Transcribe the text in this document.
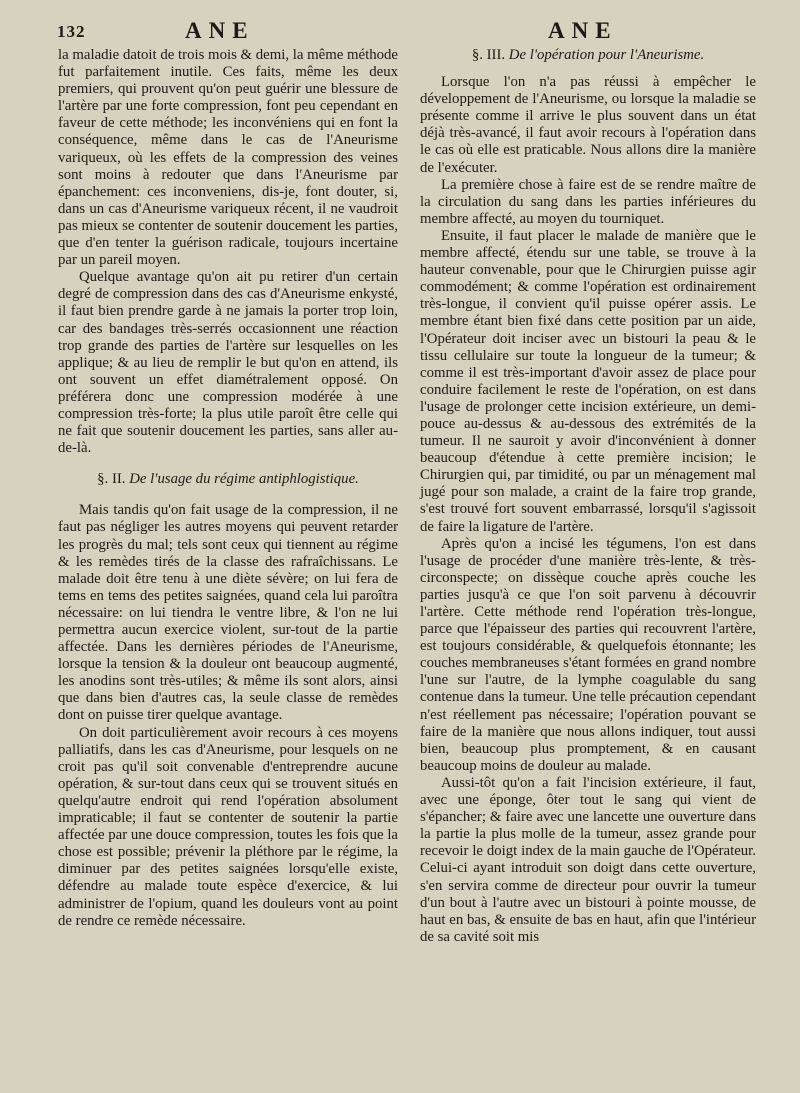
132	ANE	ANE

la maladie datoit de trois mois & demi, la même méthode fut parfaitement inutile. Ces faits, même les deux premiers, qui prouvent qu'on peut guérir une blessure de l'artère par une forte compression, font peu cependant en faveur de cette méthode; les inconvéniens qui en font la conséquence, même dans le cas de l'Aneurisme variqueux, où les effets de la compression des veines sont moins à redouter que dans l'Aneurisme par épanchement: ces inconveniens, dis-je, font douter, si, dans un cas d'Aneurisme variqueux récent, il ne vaudroit pas mieux se contenter de soutenir doucement les parties, que d'en tenter la guérison radicale, toujours incertaine par un pareil moyen.

Quelque avantage qu'on ait pu retirer d'un certain degré de compression dans des cas d'Aneurisme enkysté, il faut bien prendre garde à ne jamais la porter trop loin, car des bandages très-serrés occasionnent une réaction trop grande des parties de l'artère sur lesquelles on les applique; & au lieu de remplir le but qu'on en attend, ils ont souvent un effet diamétralement opposé. On préférera donc une compression modérée à une compression très-forte; la plus utile paroît être celle qui ne fait que soutenir doucement les parties, sans aller au-de-là.

§. II. De l'usage du régime antiphlogistique.

Mais tandis qu'on fait usage de la compression, il ne faut pas négliger les autres moyens qui peuvent retarder les progrès du mal; tels sont ceux qui tiennent au régime & les remèdes tirés de la classe des rafraîchissans. Le malade doit être tenu à une diète sévère; on lui fera de tems en tems des petites saignées, quand cela lui paroîtra nécessaire: on lui tiendra le ventre libre, & l'on ne lui permettra aucun exercice violent, sur-tout de la partie affectée. Dans les dernières périodes de l'Aneurisme, lorsque la tension & la douleur ont beaucoup augmenté, les anodins sont très-utiles; & même ils sont alors, ainsi que dans bien d'autres cas, la seule classe de remèdes dont on puisse tirer quelque avantage.

On doit particulièrement avoir recours à ces moyens palliatifs, dans les cas d'Aneurisme, pour lesquels on ne croit pas qu'il soit convenable d'entreprendre aucune opération, & sur-tout dans ceux qui se trouvent situés en quelqu'autre endroit qui rend l'opération absolument impraticable; il faut se contenter de soutenir la partie affectée par une douce compression, toutes les fois que la chose est possible; prévenir la pléthore par le régime, la diminuer par des petites saignées lorsqu'elle existe, défendre au malade toute espèce d'exercice, & lui administrer de l'opium, quand les douleurs vont au point de rendre ce remède nécessaire.

§. III. De l'opération pour l'Aneurisme.

Lorsque l'on n'a pas réussi à empêcher le développement de l'Aneurisme, ou lorsque la maladie se présente comme il arrive le plus souvent dans un état déjà très-avancé, il faut avoir recours à l'opération dans le cas où elle est praticable. Nous allons dire la manière de l'exécuter.

La première chose à faire est de se rendre maître de la circulation du sang dans les parties inférieures du membre affecté, au moyen du tourniquet.

Ensuite, il faut placer le malade de manière que le membre affecté, étendu sur une table, se trouve à la hauteur convenable, pour que le Chirurgien puisse agir commodément; & comme l'opération est ordinairement très-longue, il convient qu'il puisse opérer assis. Le membre étant bien fixé dans cette position par un aide, l'Opérateur doit inciser avec un bistouri la peau & le tissu cellulaire sur toute la longueur de la tumeur; & comme il est très-important d'avoir assez de place pour conduire facilement le reste de l'opération, on est dans l'usage de prolonger cette incision extérieure, un demi-pouce au-dessus & au-dessous des extrémités de la tumeur. Il ne sauroit y avoir d'inconvénient à donner beaucoup d'étendue à cette première incision; le Chirurgien qui, par timidité, ou par un ménagement mal jugé pour son malade, a craint de la faire trop grande, s'est trouvé fort souvent embarrassé, lorsqu'il s'agissoit de faire la ligature de l'artère.

Après qu'on a incisé les tégumens, l'on est dans l'usage de procéder d'une manière très-lente, & très-circonspecte; on dissèque couche après couche les parties jusqu'à ce que l'on soit parvenu à découvrir l'artère. Cette méthode rend l'opération très-longue, parce que l'épaisseur des parties qui recouvrent l'artère, est toujours considérable, & quelquefois étonnante; les couches membraneuses s'étant formées en grand nombre l'une sur l'autre, de la lymphe coagulable du sang contenue dans la tumeur. Une telle précaution cependant n'est réellement pas nécessaire; l'opération pouvant se faire de la manière que nous allons indiquer, tout aussi bien, beaucoup plus promptement, & en causant beaucoup moins de douleur au malade.

Aussi-tôt qu'on a fait l'incision extérieure, il faut, avec une éponge, ôter tout le sang qui vient de s'épancher; & faire avec une lancette une ouverture dans la partie la plus molle de la tumeur, assez grande pour recevoir le doigt index de la main gauche de l'Opérateur. Celui-ci ayant introduit son doigt dans cette ouverture, s'en servira comme de directeur pour ouvrir la tumeur d'un bout à l'autre avec un bistouri à pointe mousse, de haut en bas, & ensuite de bas en haut, afin que l'intérieur de sa cavité soit mis
